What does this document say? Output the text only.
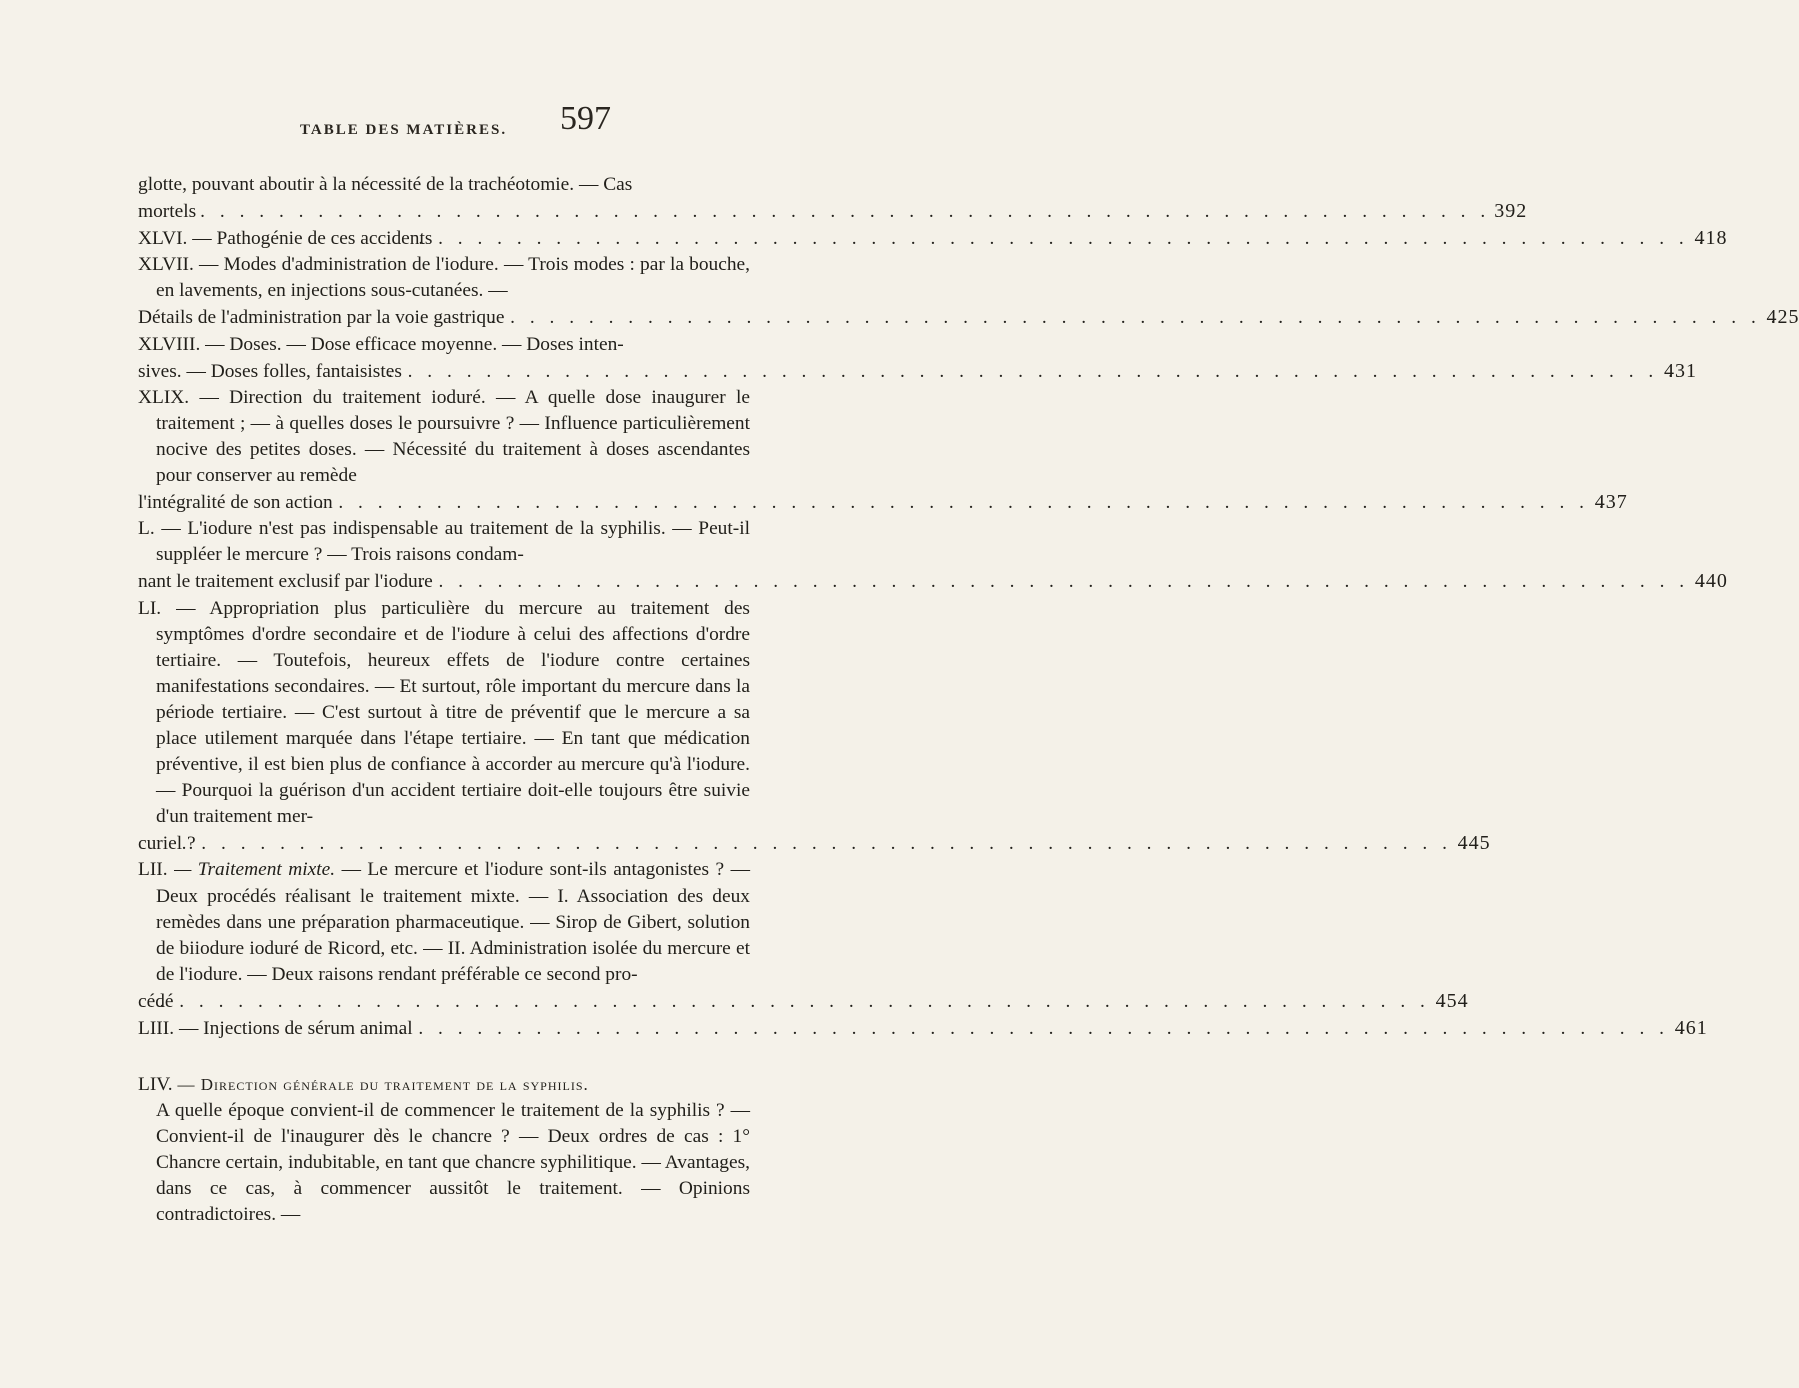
TABLE DES MATIÈRES. 597
glotte, pouvant aboutir à la nécessité de la trachéotomie. — Cas
mortels . . .	392
XLVI. — Pathogénie de ces accidents . . .	418
XLVII. — Modes d'administration de l'iodure. — Trois modes : par la bouche, en lavements, en injections sous-cutanées. —
Détails de l'administration par la voie gastrique . . .	425
XLVIII. — Doses. — Dose efficace moyenne. — Doses inten-
sives. — Doses folles, fantaisistes . . .	431
XLIX. — Direction du traitement ioduré. — A quelle dose inaugurer le traitement ; — à quelles doses le poursuivre ? — Influence particulièrement nocive des petites doses. — Nécessité du traitement à doses ascendantes pour conserver au remède
l'intégralité de son action . . .	437
L. — L'iodure n'est pas indispensable au traitement de la syphilis. — Peut-il suppléer le mercure ? — Trois raisons condam-
nant le traitement exclusif par l'iodure . . .	440
LI. — Appropriation plus particulière du mercure au traitement des symptômes d'ordre secondaire et de l'iodure à celui des affections d'ordre tertiaire. — Toutefois, heureux effets de l'iodure contre certaines manifestations secondaires. — Et surtout, rôle important du mercure dans la période tertiaire. — C'est surtout à titre de préventif que le mercure a sa place utilement marquée dans l'étape tertiaire. — En tant que médication préventive, il est bien plus de confiance à accorder au mercure qu'à l'iodure. — Pourquoi la guérison d'un accident tertiaire doit-elle toujours être suivie d'un traitement mer-
curiel ? . . .	445
LII. — Traitement mixte. — Le mercure et l'iodure sont-ils antagonistes ? — Deux procédés réalisant le traitement mixte. — I. Association des deux remèdes dans une préparation pharmaceutique. — Sirop de Gibert, solution de biiodure ioduré de Ricord, etc. — II. Administration isolée du mercure et de l'iodure. — Deux raisons rendant préférable ce second pro-
cédé . . .	454
LIII. — Injections de sérum animal . . .	461

LIV. — Direction générale du traitement de la syphilis.

A quelle époque convient-il de commencer le traitement de la syphilis ? — Convient-il de l'inaugurer dès le chancre ? — Deux ordres de cas : 1° Chancre certain, indubitable, en tant que chancre syphilitique. — Avantages, dans ce cas, à commencer aussitôt le traitement. — Opinions contradictoires. —
